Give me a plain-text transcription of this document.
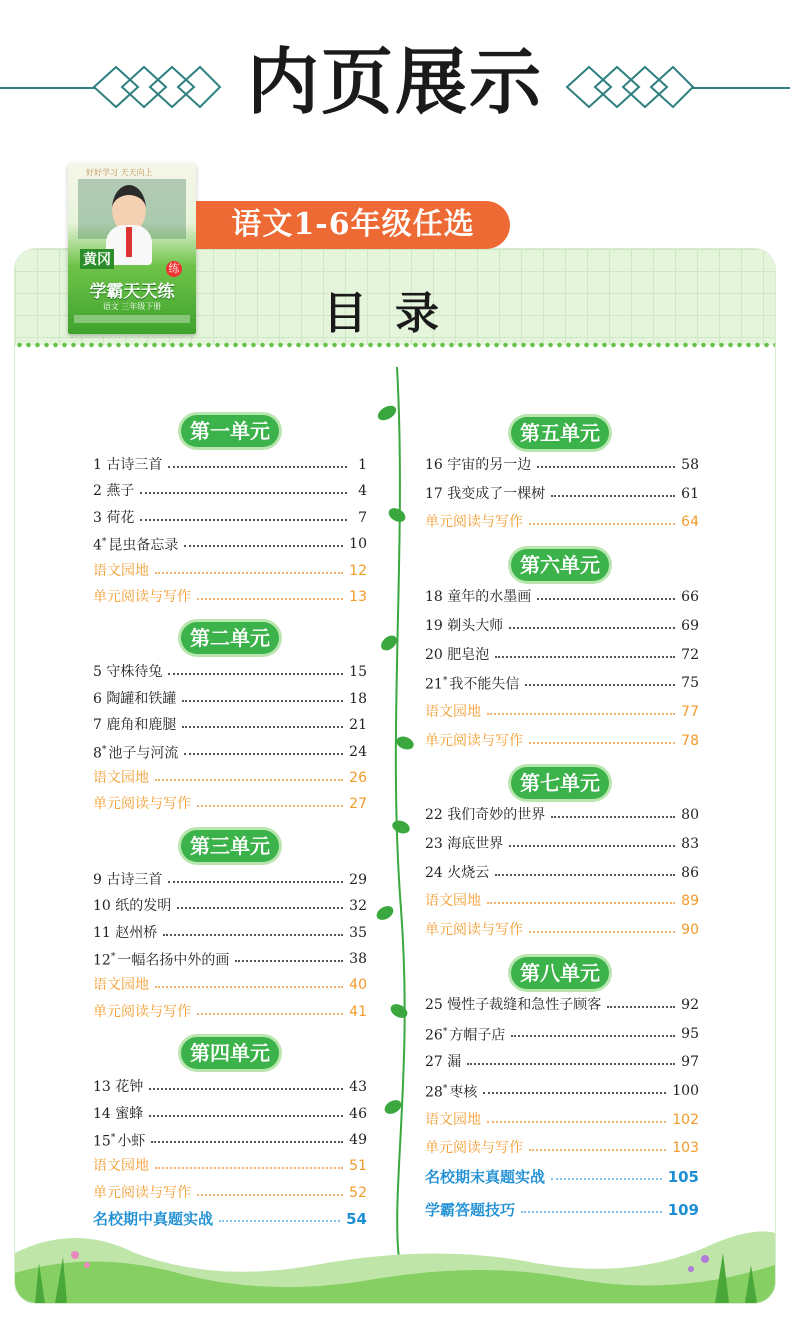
内页展示
好好学习 天天向上
黄冈
练
学霸天天练
语文 三年级下册
语文1-6年级任选
目录
第一单元
1 古诗三首	1
2 燕子	4
3 荷花	7
4* 昆虫备忘录	10
语文园地	12
单元阅读与写作	13
第二单元
5 守株待兔	15
6 陶罐和铁罐	18
7 鹿角和鹿腿	21
8* 池子与河流	24
语文园地	26
单元阅读与写作	27
第三单元
9 古诗三首	29
10 纸的发明	32
11 赵州桥	35
12* 一幅名扬中外的画	38
语文园地	40
单元阅读与写作	41
第四单元
13 花钟	43
14 蜜蜂	46
15* 小虾	49
语文园地	51
单元阅读与写作	52
名校期中真题实战	54
第五单元
16 宇宙的另一边	58
17 我变成了一棵树	61
单元阅读与写作	64
第六单元
18 童年的水墨画	66
19 剃头大师	69
20 肥皂泡	72
21* 我不能失信	75
语文园地	77
单元阅读与写作	78
第七单元
22 我们奇妙的世界	80
23 海底世界	83
24 火烧云	86
语文园地	89
单元阅读与写作	90
第八单元
25 慢性子裁缝和急性子顾客	92
26* 方帽子店	95
27 漏	97
28* 枣核	100
语文园地	102
单元阅读与写作	103
名校期末真题实战	105
学霸答题技巧	109
